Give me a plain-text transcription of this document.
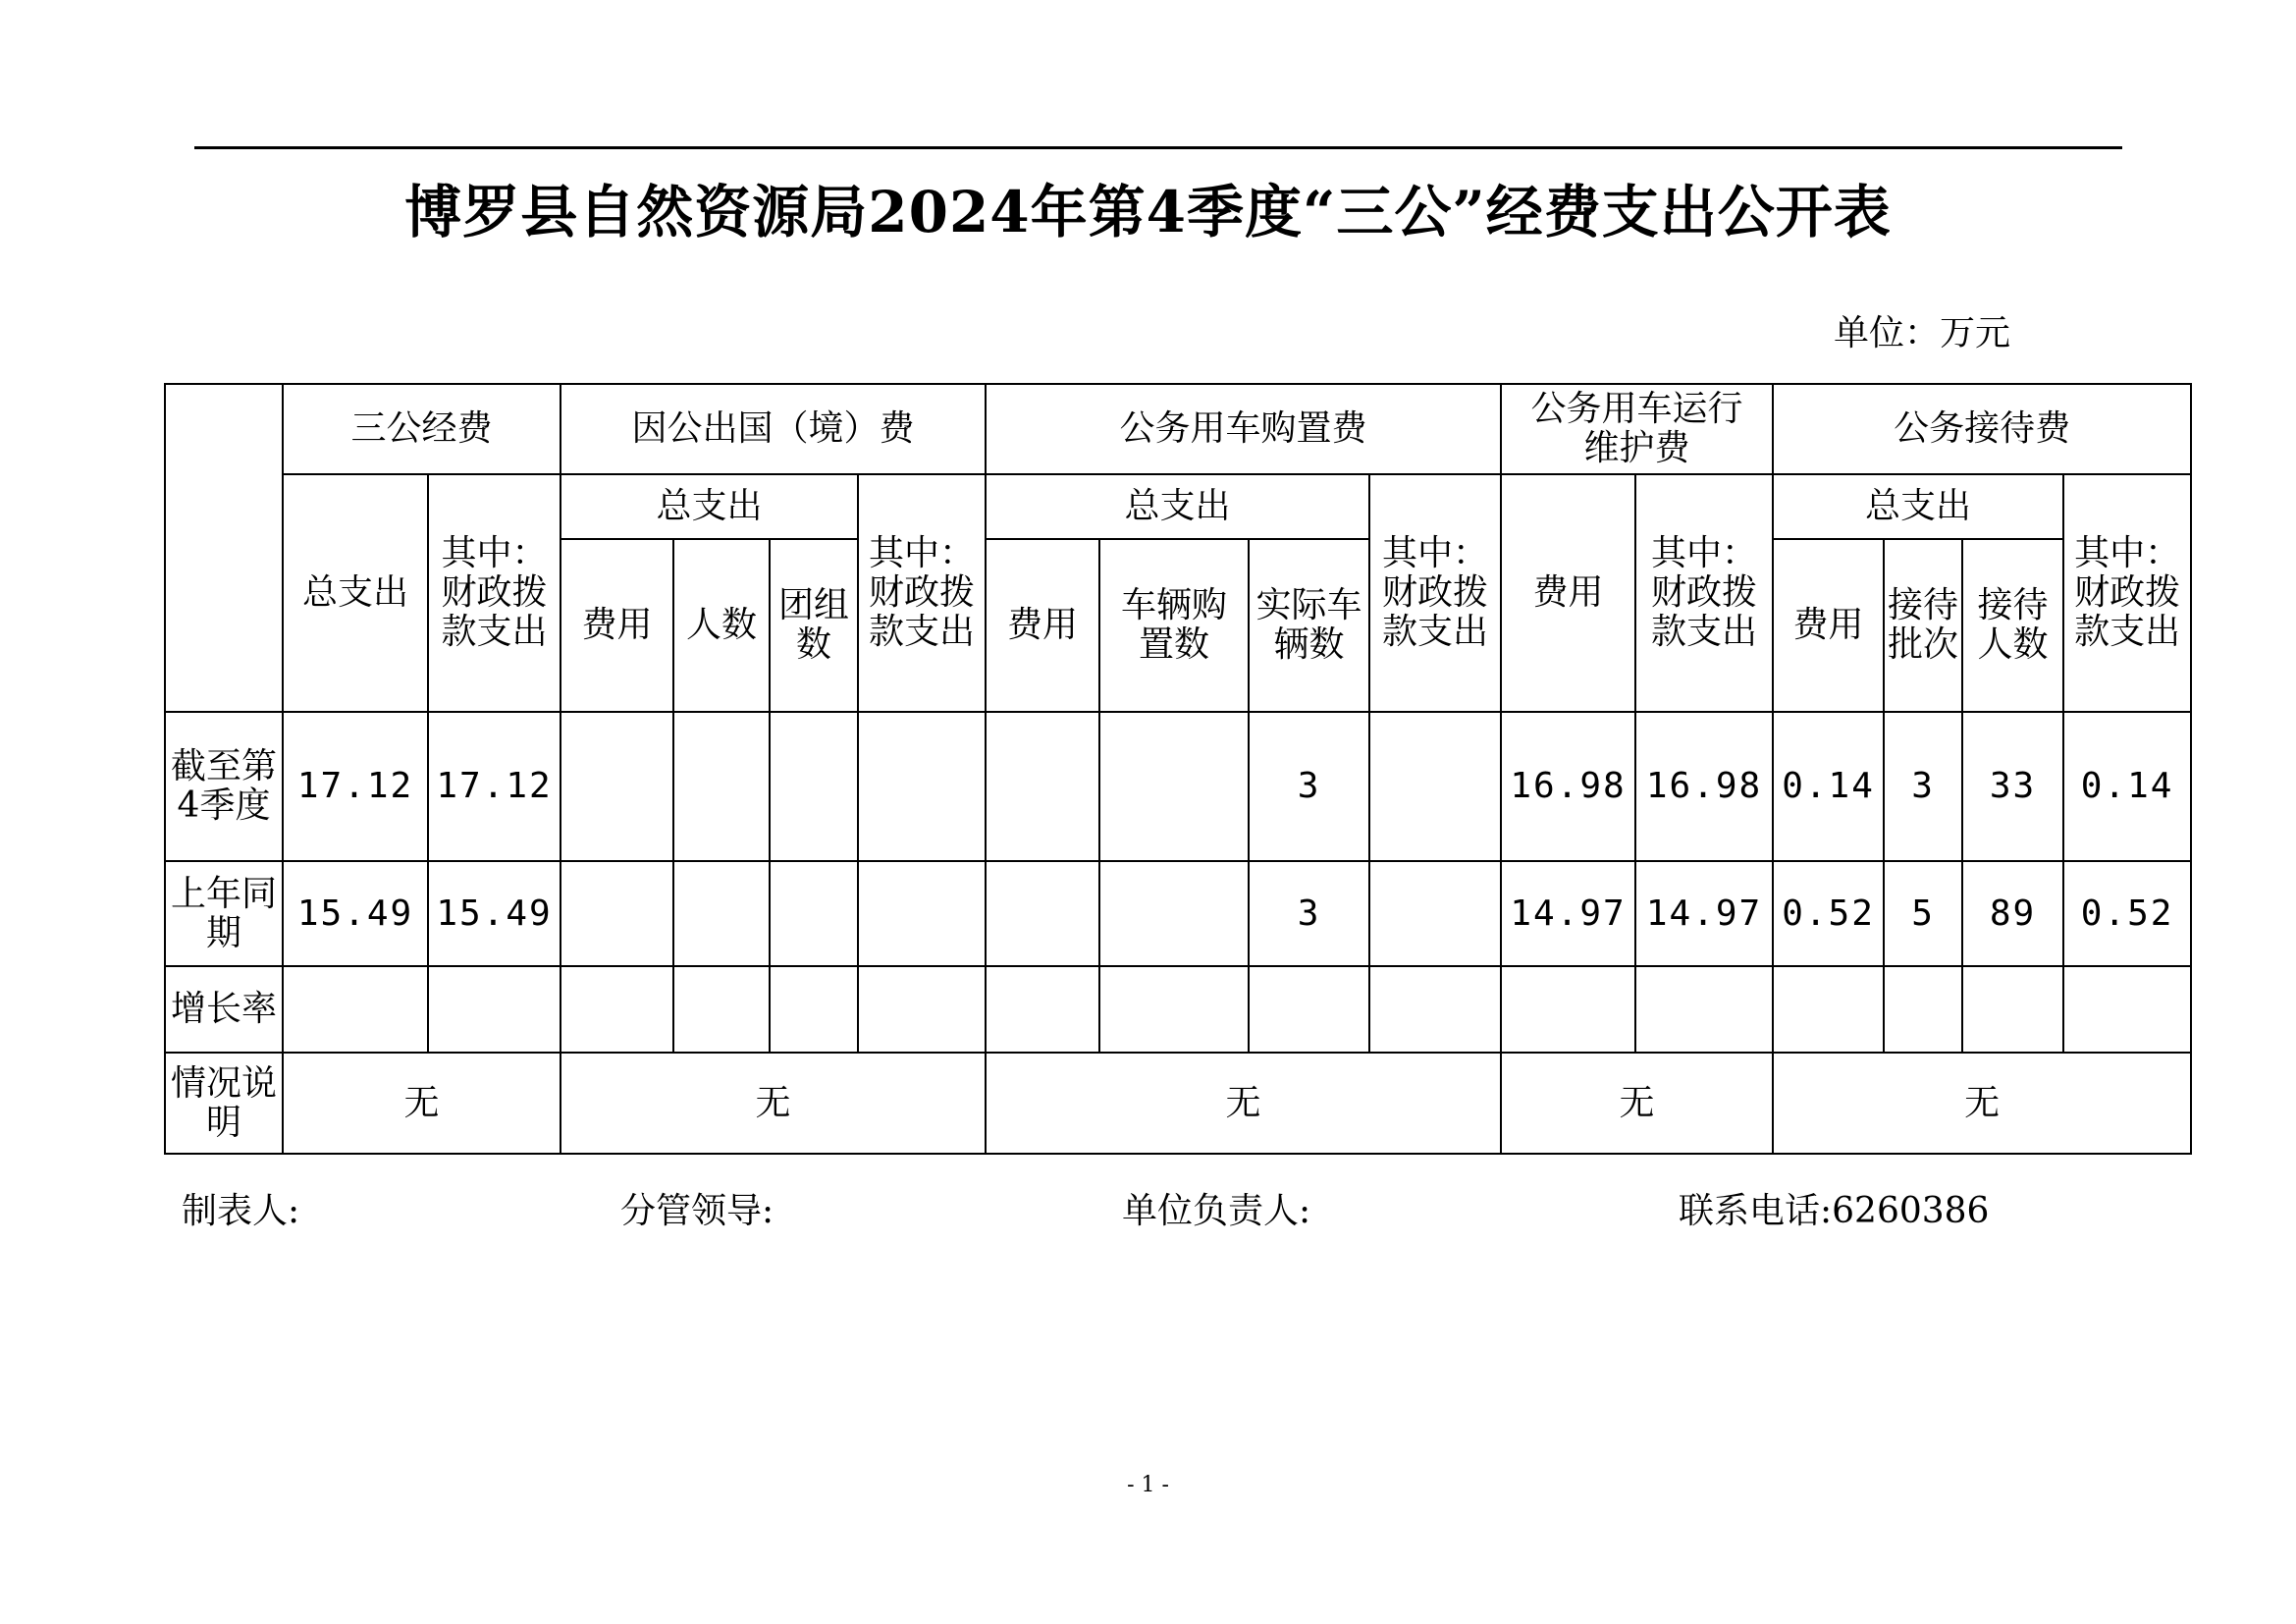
博罗县自然资源局2024年第4季度“三公”经费支出公开表
单位：万元
	三公经费		因公出国（境）费				公务用车购置费				公务用车运行维护费		公务接待费			
	总支出	其中：财政拨款支出	总支出			其中：财政拨款支出	总支出			其中：财政拨款支出	费用	其中：财政拨款支出	总支出			其中：财政拨款支出
			费用	人数	团组数		费用	车辆购置数	实际车辆数				费用	接待批次	接待人数	
截至第4季度	17.12	17.12							3		16.98	16.98	0.14	3	33	0.14
上年同期	15.49	15.49							3		14.97	14.97	0.52	5	89	0.52
增长率																
情况说明	无		无				无				无		无			
制表人:	分管领导:	单位负责人:	联系电话:6260386
- 1 -
